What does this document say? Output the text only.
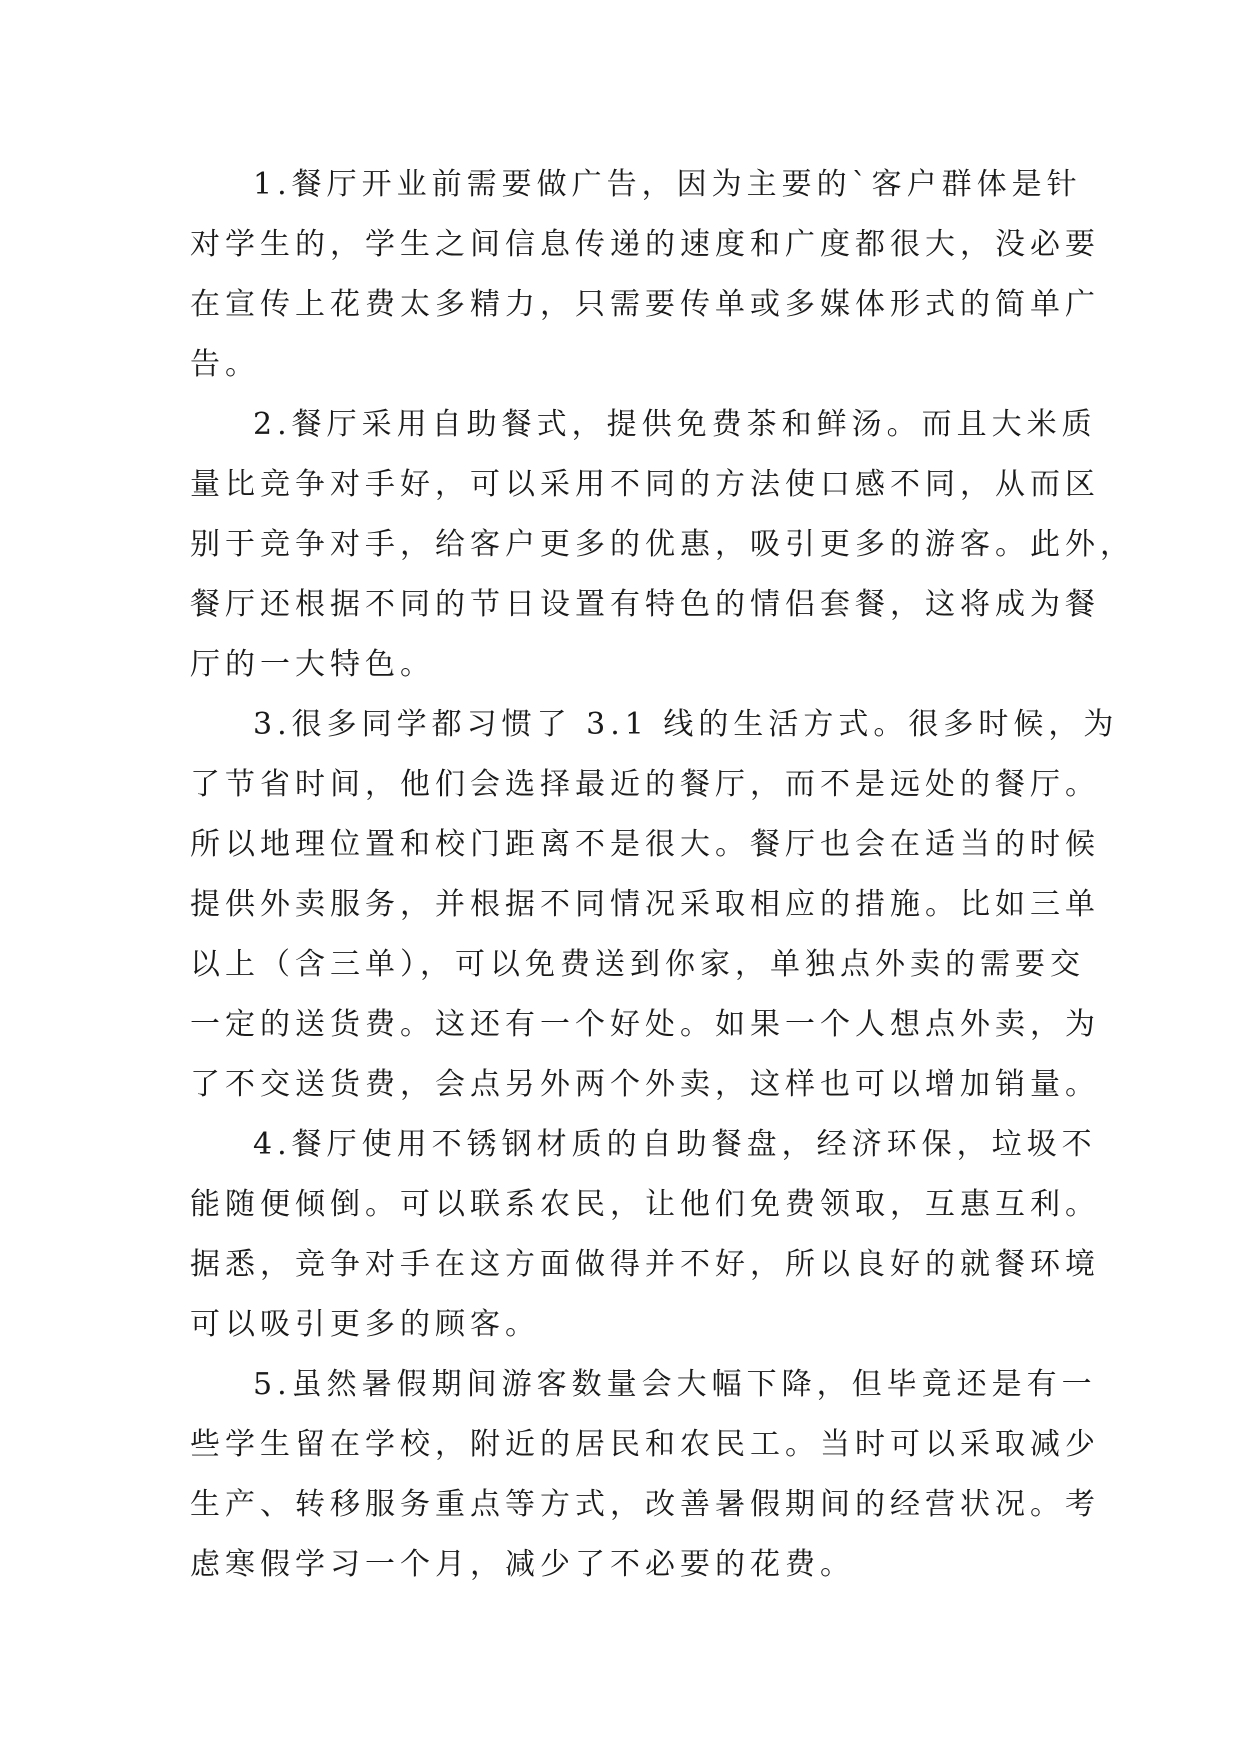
1.餐厅开业前需要做广告，因为主要的`客户群体是针
对学生的，学生之间信息传递的速度和广度都很大，没必要
在宣传上花费太多精力，只需要传单或多媒体形式的简单广
告。
2.餐厅采用自助餐式，提供免费茶和鲜汤。而且大米质
量比竞争对手好，可以采用不同的方法使口感不同，从而区
别于竞争对手，给客户更多的优惠，吸引更多的游客。此外，
餐厅还根据不同的节日设置有特色的情侣套餐，这将成为餐
厅的一大特色。
3.很多同学都习惯了 3.1 线的生活方式。很多时候，为
了节省时间，他们会选择最近的餐厅，而不是远处的餐厅。
所以地理位置和校门距离不是很大。餐厅也会在适当的时候
提供外卖服务，并根据不同情况采取相应的措施。比如三单
以上（含三单），可以免费送到你家，单独点外卖的需要交
一定的送货费。这还有一个好处。如果一个人想点外卖，为
了不交送货费，会点另外两个外卖，这样也可以增加销量。
4.餐厅使用不锈钢材质的自助餐盘，经济环保，垃圾不
能随便倾倒。可以联系农民，让他们免费领取，互惠互利。
据悉，竞争对手在这方面做得并不好，所以良好的就餐环境
可以吸引更多的顾客。
5.虽然暑假期间游客数量会大幅下降，但毕竟还是有一
些学生留在学校，附近的居民和农民工。当时可以采取减少
生产、转移服务重点等方式，改善暑假期间的经营状况。考
虑寒假学习一个月，减少了不必要的花费。
